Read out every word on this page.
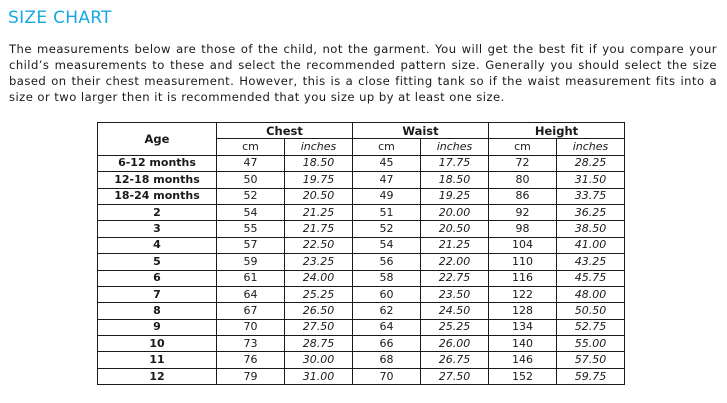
SIZE CHART

The measurements below are those of the child, not the garment. You will get the best fit if you compare your child’s measurements to these and select the recommended pattern size. Generally you should select the size based on their chest measurement. However, this is a close fitting tank so if the waist measurement fits into a size or two larger then it is recommended that you size up by at least one size.

Age	Chest		Waist		Height	
	cm	inches	cm	inches	cm	inches
6-12 months	47	18.50	45	17.75	72	28.25
12-18 months	50	19.75	47	18.50	80	31.50
18-24 months	52	20.50	49	19.25	86	33.75
2	54	21.25	51	20.00	92	36.25
3	55	21.75	52	20.50	98	38.50
4	57	22.50	54	21.25	104	41.00
5	59	23.25	56	22.00	110	43.25
6	61	24.00	58	22.75	116	45.75
7	64	25.25	60	23.50	122	48.00
8	67	26.50	62	24.50	128	50.50
9	70	27.50	64	25.25	134	52.75
10	73	28.75	66	26.00	140	55.00
11	76	30.00	68	26.75	146	57.50
12	79	31.00	70	27.50	152	59.75
